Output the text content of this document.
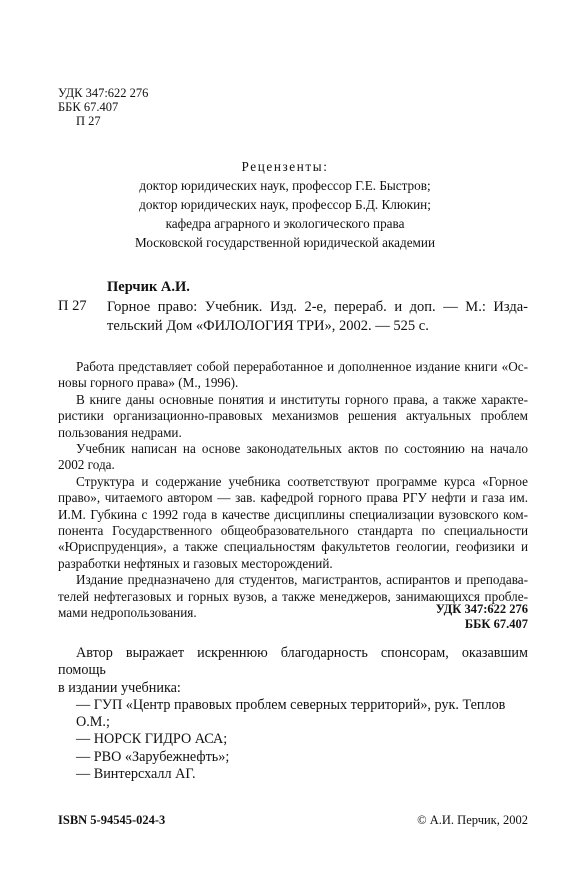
УДК 347:622 276
ББК 67.407
П 27
Рецензенты:
доктор юридических наук, профессор Г.Е. Быстров;
доктор юридических наук, профессор Б.Д. Клюкин;
кафедра аграрного и экологического права
Московской государственной юридической академии
Перчик А.И.
П 27 Горное право: Учебник. Изд. 2-е, перераб. и доп. — М.: Изда-
тельский Дом «ФИЛОЛОГИЯ ТРИ», 2002. — 525 с.

Работа представляет собой переработанное и дополненное издание книги «Ос-
новы горного права» (М., 1996).

В книге даны основные понятия и институты горного права, а также характе-
ристики организационно-правовых механизмов решения актуальных проблем
пользования недрами.

Учебник написан на основе законодательных актов по состоянию на начало
2002 года.

Структура и содержание учебника соответствуют программе курса «Горное
право», читаемого автором — зав. кафедрой горного права РГУ нефти и газа им.
И.М. Губкина с 1992 года в качестве дисциплины специализации вузовского ком-
понента Государственного общеобразовательного стандарта по специальности
«Юриспруденция», а также специальностям факультетов геологии, геофизики и
разработки нефтяных и газовых месторождений.

Издание предназначено для студентов, магистрантов, аспирантов и преподава-
телей нефтегазовых и горных вузов, а также менеджеров, занимающихся пробле-
мами недропользования.	УДК 347:622 276
ББК 67.407
Автор выражает искреннюю благодарность спонсорам, оказавшим помощь
в издании учебника:
— ГУП «Центр правовых проблем северных территорий», рук. Теплов О.М.;
— НОРСК ГИДРО АСА;
— РВО «Зарубежнефть»;
— Винтерсхалл АГ.
ISBN 5-94545-024-3	© А.И. Перчик, 2002
